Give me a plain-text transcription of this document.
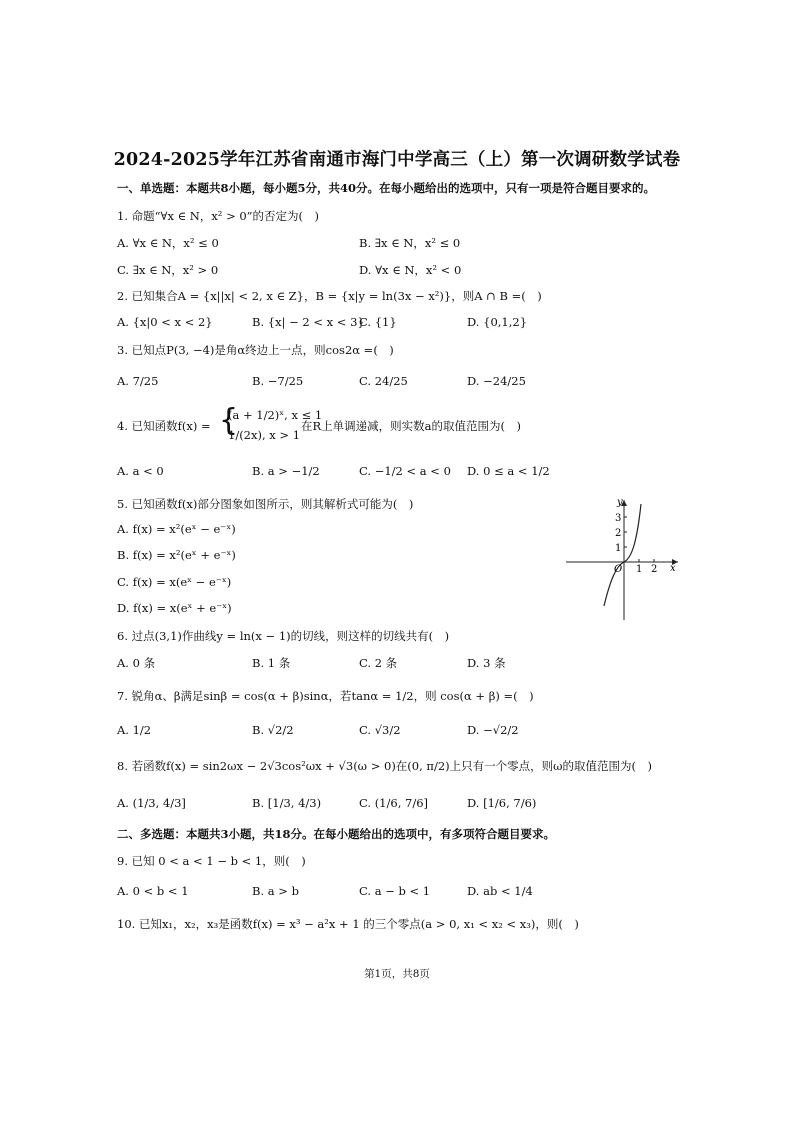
2024-2025学年江苏省南通市海门中学高三（上）第一次调研数学试卷
一、单选题：本题共8小题，每小题5分，共40分。在每小题给出的选项中，只有一项是符合题目要求的。
1. 命题“∀x ∈ N，x² > 0”的否定为(　)
A. ∀x ∈ N，x² ≤ 0	B. ∃x ∈ N，x² ≤ 0
C. ∃x ∈ N，x² > 0	D. ∀x ∈ N，x² < 0
2. 已知集合A = {x||x| < 2, x ∈ Z}，B = {x|y = ln(3x − x²)}，则A ∩ B =(　)
A. {x|0 < x < 2}	B. {x| − 2 < x < 3}
C. {1}	D. {0,1,2}
3. 已知点P(3, −4)是角α终边上一点，则cos2α =(　)
A. 7/25	B. −7/25	C. 24/25	D. −24/25
4. 已知函数f(x) = {
(a + 1/2)ˣ, x ≤ 1
1/(2x), x > 1
在R上单调递减，则实数a的取值范围为(　)
A. a < 0	B. a > −1/2	C. −1/2 < a < 0 D. 0 ≤ a < 1/2
5. 已知函数f(x)部分图象如图所示，则其解析式可能为(　)
A. f(x) = x²(eˣ − e⁻ˣ)
B. f(x) = x²(eˣ + e⁻ˣ)
C. f(x) = x(eˣ − e⁻ˣ)
D. f(x) = x(eˣ + e⁻ˣ)
y
x
O
1
2
3
1 2
6. 过点(3,1)作曲线y = ln(x − 1)的切线，则这样的切线共有(　)
A. 0 条	B. 1 条	C. 2 条	D. 3 条
7. 锐角α、β满足sinβ = cos(α + β)sinα，若tanα = 1/2，则 cos(α + β) =(　)
A. 1/2	B. √2/2	C. √3/2	D. −√2/2
8. 若函数f(x) = sin2ωx − 2√3cos²ωx + √3(ω > 0)在(0, π/2)上只有一个零点，则ω的取值范围为(　)
A. (1/3, 4/3]	B. [1/3, 4/3)	C. (1/6, 7/6]	D. [1/6, 7/6)
二、多选题：本题共3小题，共18分。在每小题给出的选项中，有多项符合题目要求。
9. 已知 0 < a < 1 − b < 1，则(　)
A. 0 < b < 1	B. a > b	C. a − b < 1	D. ab < 1/4
10. 已知x₁，x₂，x₃是函数f(x) = x³ − a²x + 1 的三个零点(a > 0, x₁ < x₂ < x₃)，则(　)
第1页，共8页
